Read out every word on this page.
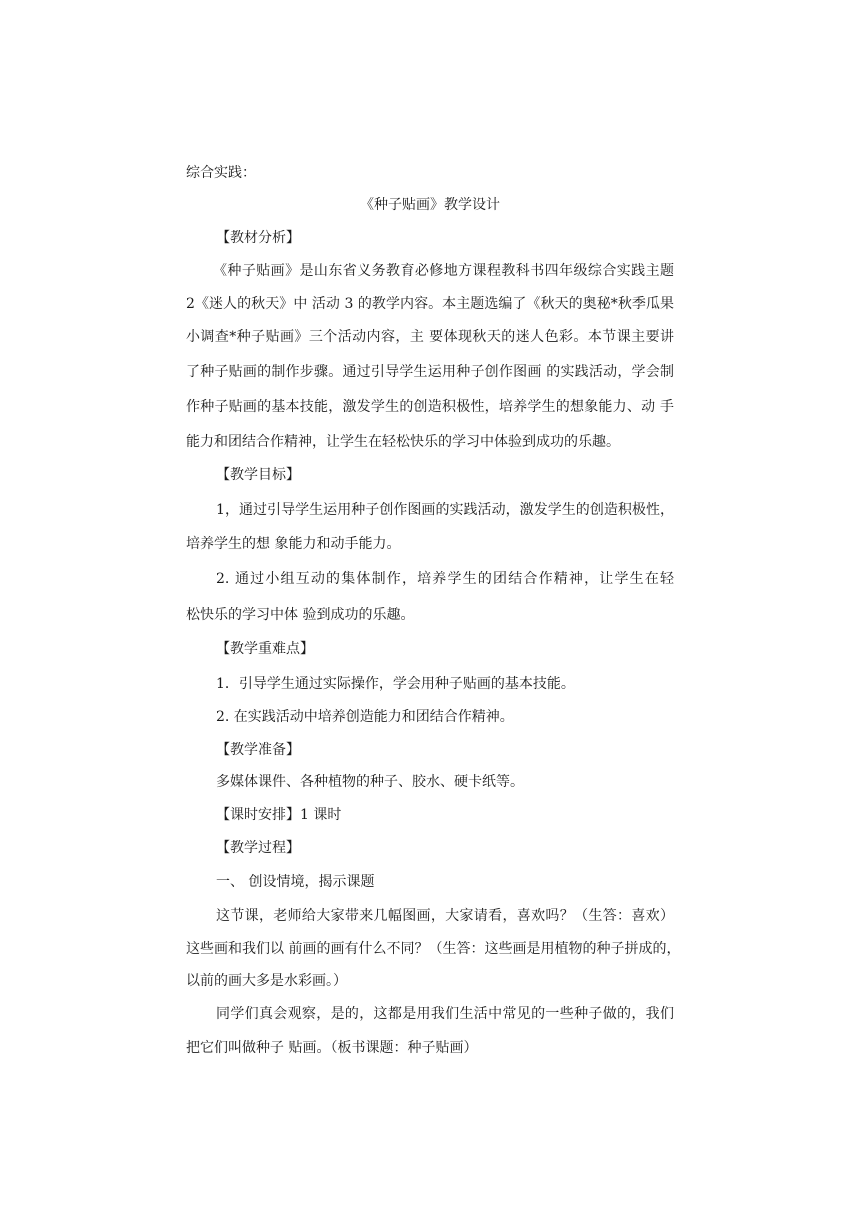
综合实践：

《种子贴画》教学设计

【教材分析】

《种子贴画》是山东省义务教育必修地方课程教科书四年级综合实践主题

2《迷人的秋天》中 活动 3 的教学内容。本主题选编了《秋天的奥秘*秋季瓜果

小调查*种子贴画》三个活动内容，主 要体现秋天的迷人色彩。本节课主要讲

了种子贴画的制作步骤。通过引导学生运用种子创作图画 的实践活动，学会制

作种子贴画的基本技能，激发学生的创造积极性，培养学生的想象能力、动 手

能力和团结合作精神，让学生在轻松快乐的学习中体验到成功的乐趣。

【教学目标】

1，通过引导学生运用种子创作图画的实践活动，激发学生的创造积极性，

培养学生的想 象能力和动手能力。

2. 通过小组互动的集体制作，培养学生的团结合作精神，让学生在轻

松快乐的学习中体 验到成功的乐趣。

【教学重难点】

1．引导学生通过实际操作，学会用种子贴画的基本技能。

2. 在实践活动中培养创造能力和团结合作精神。

【教学准备】

多媒体课件、各种植物的种子、胶水、硬卡纸等。

【课时安排】1 课时

【教学过程】

一、 创设情境，揭示课题

这节课，老师给大家带来几幅图画，大家请看，喜欢吗？（生答：喜欢）

这些画和我们以 前画的画有什么不同？（生答：这些画是用植物的种子拼成的，

以前的画大多是水彩画。）

同学们真会观察，是的，这都是用我们生活中常见的一些种子做的，我们

把它们叫做种子 贴画。（板书课题：种子贴画）
